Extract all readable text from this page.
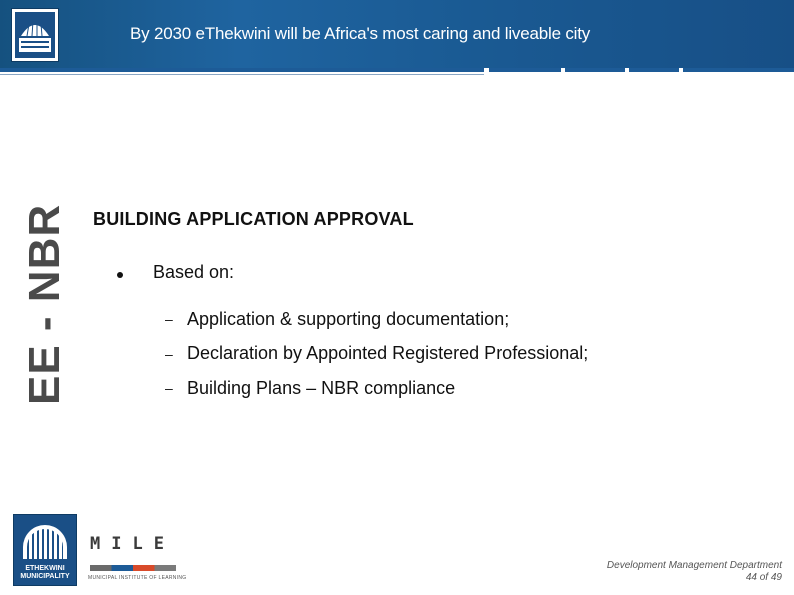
By 2030 eThekwini will be Africa's most caring and liveable city
EE - NBR BUILDING APPLICATION APPROVAL
Based on:
– Application & supporting documentation;
– Declaration by Appointed Registered Professional;
– Building Plans – NBR compliance
ETHEKWINI MUNICIPALITY
MILE
MUNICIPAL INSTITUTE OF LEARNING
Development Management Department
44 of 49
